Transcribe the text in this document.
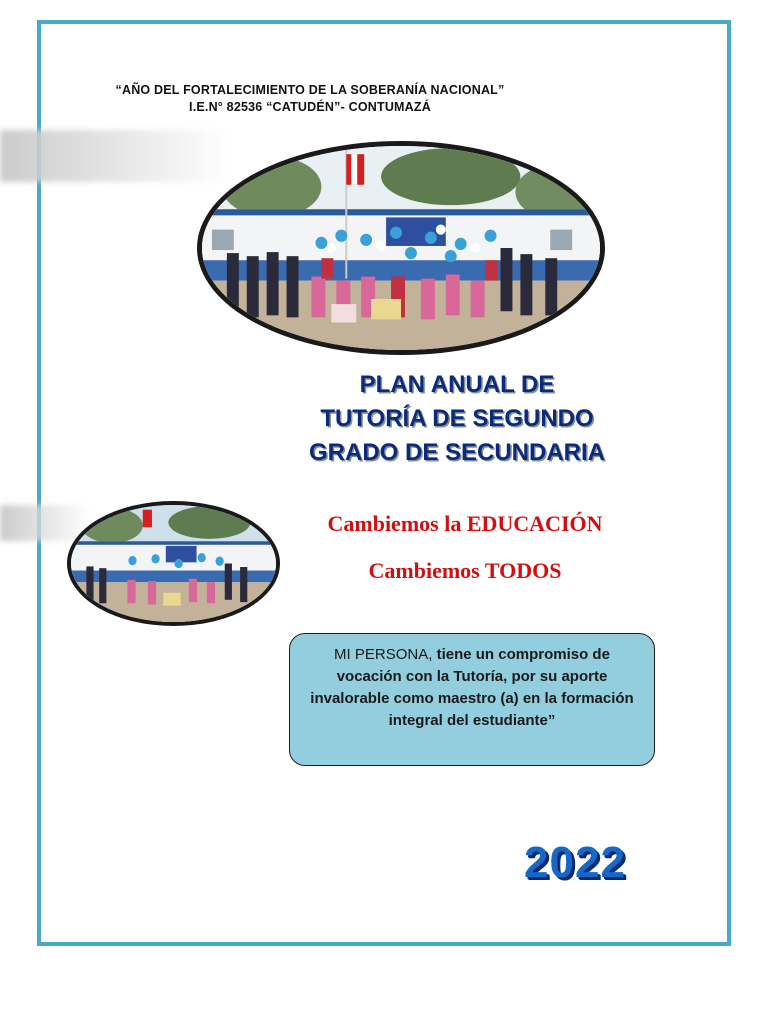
“AÑO DEL FORTALECIMIENTO DE LA SOBERANÍA NACIONAL”
I.E.N° 82536 “CATUDÉN”- CONTUMAZÁ
PLAN ANUAL DE
TUTORÍA DE SEGUNDO
GRADO DE SECUNDARIA
Cambiemos la EDUCACIÓN
Cambiemos TODOS
MI PERSONA, tiene un compromiso de vocación con la Tutoría, por su aporte invalorable como maestro (a) en la formación integral del estudiante”
2022
